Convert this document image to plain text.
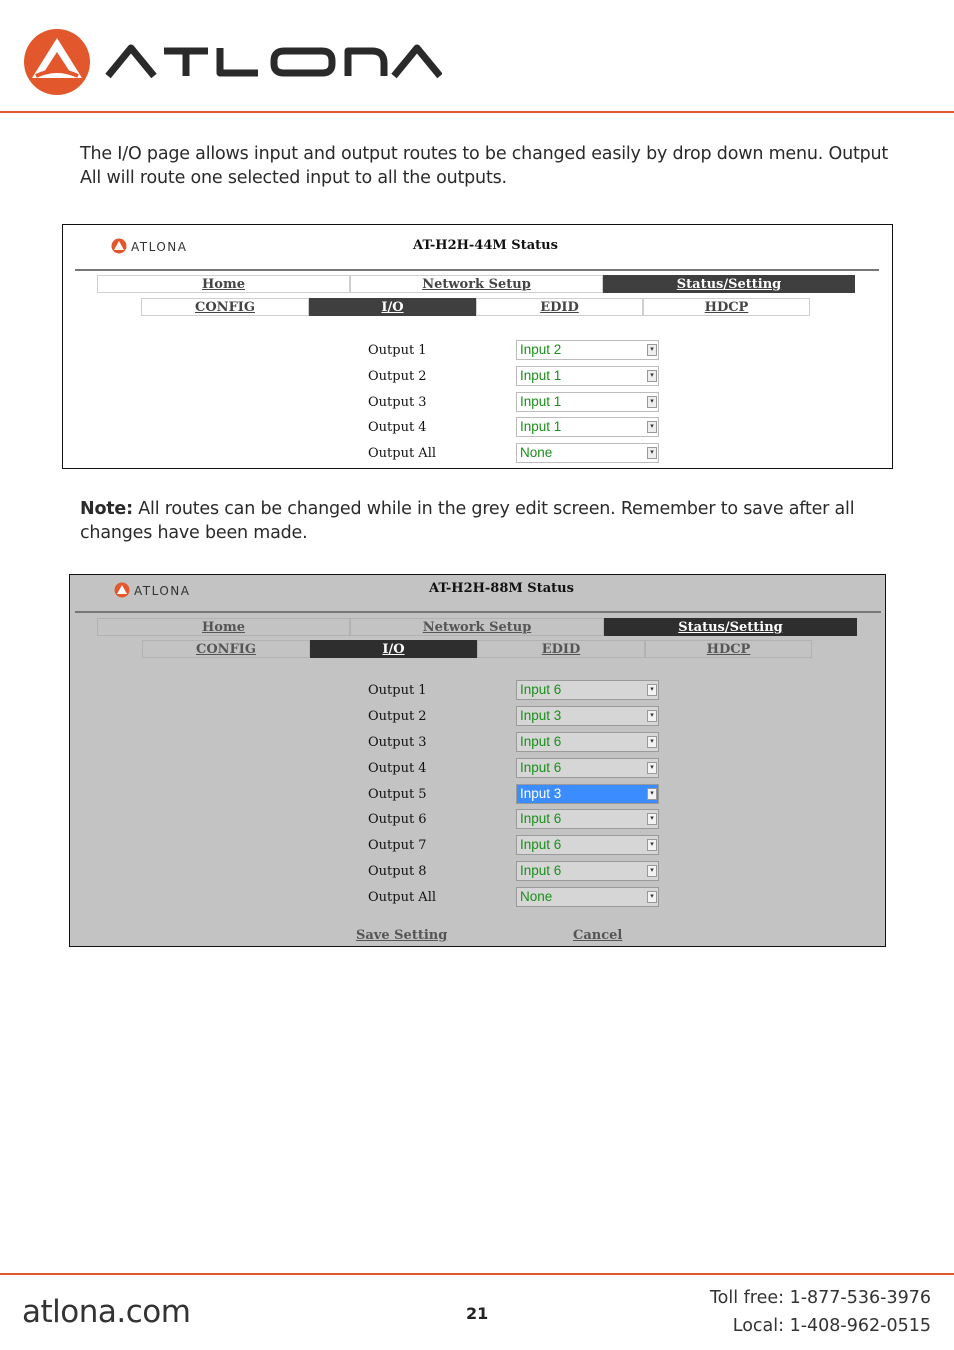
The I/O page allows input and output routes to be changed easily by drop down menu. Output All will route one selected input to all the outputs.

ATLONA	AT-H2H-44M Status
Home	Network Setup	Status/Setting
CONFIG	I/O	EDID	HDCP
Output 1	Input 2	▾
Output 2	Input 1	▾
Output 3	Input 1	▾
Output 4	Input 1	▾
Output All	None	▾

Note: All routes can be changed while in the grey edit screen. Remember to save after all changes have been made.

ATLONA	AT-H2H-88M Status
Home	Network Setup	Status/Setting
CONFIG	I/O	EDID	HDCP
Output 1	Input 6	▾
Output 2	Input 3	▾
Output 3	Input 6	▾
Output 4	Input 6	▾
Output 5	Input 3	▾
Output 6	Input 6	▾
Output 7	Input 6	▾
Output 8	Input 6	▾
Output All	None	▾
Save Setting	Cancel
atlona.com	21
Toll free: 1-877-536-3976
Local: 1-408-962-0515
